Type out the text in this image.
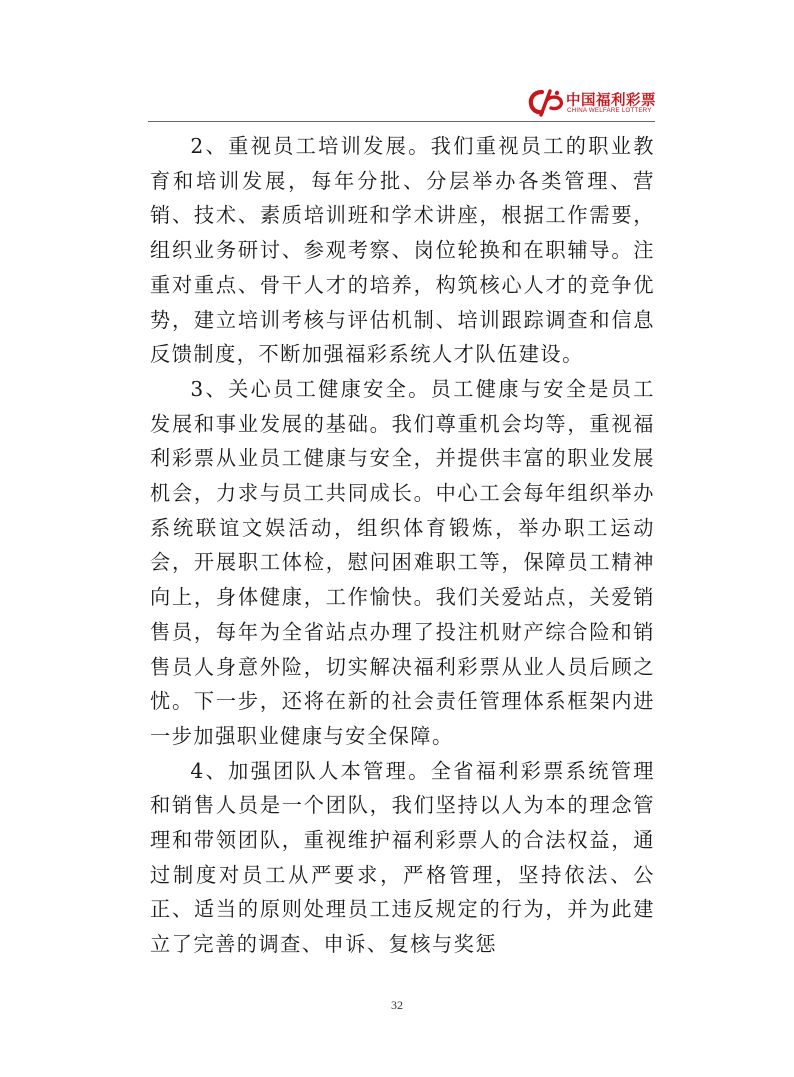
中国福利彩票
CHINA WELFARE LOTTERY

2、重视员工培训发展。我们重视员工的职业教育和培训发展，每年分批、分层举办各类管理、营销、技术、素质培训班和学术讲座，根据工作需要，组织业务研讨、参观考察、岗位轮换和在职辅导。注重对重点、骨干人才的培养，构筑核心人才的竞争优势，建立培训考核与评估机制、培训跟踪调查和信息反馈制度，不断加强福彩系统人才队伍建设。

3、关心员工健康安全。员工健康与安全是员工发展和事业发展的基础。我们尊重机会均等，重视福利彩票从业员工健康与安全，并提供丰富的职业发展机会，力求与员工共同成长。中心工会每年组织举办系统联谊文娱活动，组织体育锻炼，举办职工运动会，开展职工体检，慰问困难职工等，保障员工精神向上，身体健康，工作愉快。我们关爱站点，关爱销售员，每年为全省站点办理了投注机财产综合险和销售员人身意外险，切实解决福利彩票从业人员后顾之忧。下一步，还将在新的社会责任管理体系框架内进一步加强职业健康与安全保障。

4、加强团队人本管理。全省福利彩票系统管理和销售人员是一个团队，我们坚持以人为本的理念管理和带领团队，重视维护福利彩票人的合法权益，通过制度对员工从严要求，严格管理，坚持依法、公正、适当的原则处理员工违反规定的行为，并为此建立了完善的调查、申诉、复核与奖惩

32
